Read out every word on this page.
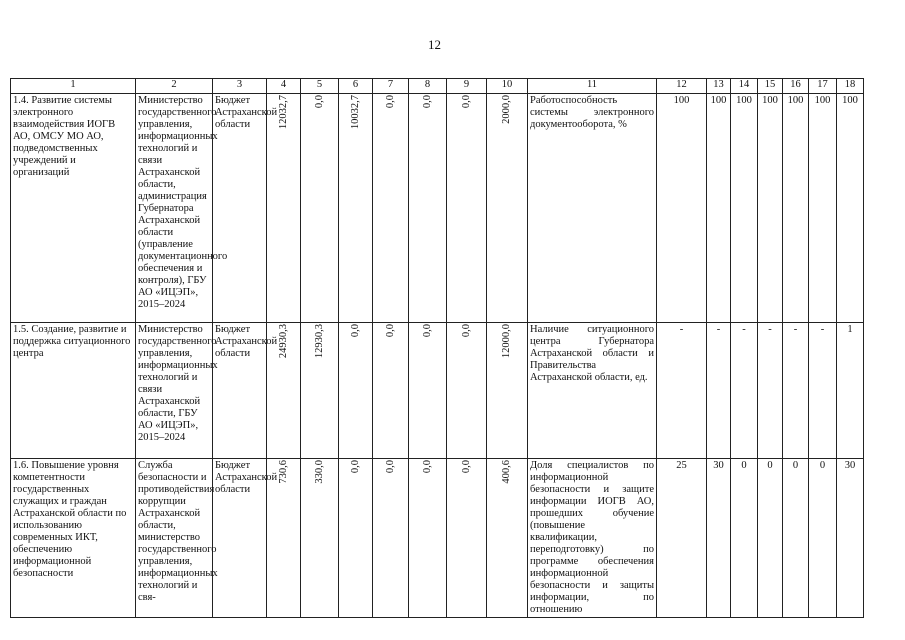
12
1	2	3	4	5	6	7	8	9	10	11	12	13	14	15	16	17	18
1.4. Развитие системы электронного взаимодействия ИОГВ АО, ОМСУ МО АО, подведомственных учреждений и организаций	Министерство государственного управления, информационных технологий и связи Астраханской области, администрация Губернатора Астраханской области (управление документационного обеспечения и контроля), ГБУ АО «ИЦЭП», 2015–2024	Бюджет Астраханской области	12032,7	0,0	10032,7	0,0	0,0	0,0	2000,0	Работоспособность системы электронного документооборота, %	100	100	100	100	100	100	100
1.5. Создание, развитие и поддержка ситуационного центра	Министерство государственного управления, информационных технологий и связи Астраханской области, ГБУ АО «ИЦЭП», 2015–2024	Бюджет Астраханской области	24930,3	12930,3	0,0	0,0	0,0	0,0	12000,0	Наличие ситуационного центра Губернатора Астраханской области и Правительства Астраханской области, ед.	-	-	-	-	-	-	1
1.6. Повышение уровня компетентности государственных служащих и граждан Астраханской области по использованию современных ИКТ, обеспечению информационной безопасности	Служба безопасности и противодействия коррупции Астраханской области, министерство государственного управления, информационных технологий и свя-	Бюджет Астраханской области	730,6	330,0	0,0	0,0	0,0	0,0	400,6	Доля специалистов по информационной безопасности и защите информации ИОГВ АО, прошедших обучение (повышение квалификации, переподготовку) по программе обеспечения информационной безопасности и защиты информации, по отношению	25	30	0	0	0	0	30
